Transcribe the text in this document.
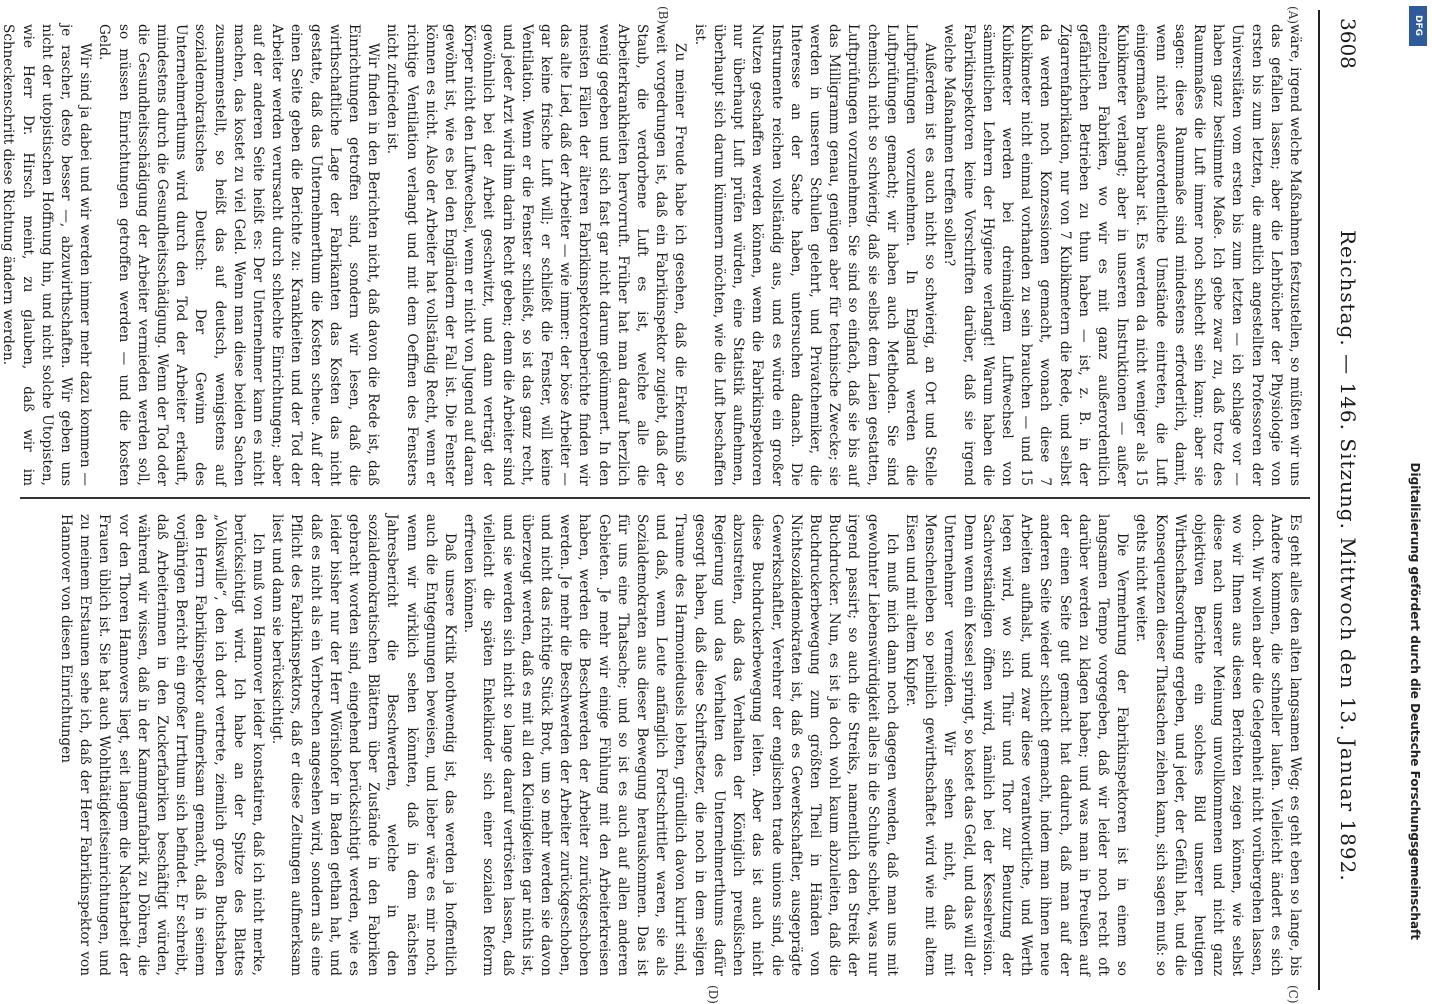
3608
Reichstag. — 146. Sitzung. Mittwoch den 13. Januar 1892.
(A)
(B)
(C)
(D)

wäre, irgend welche Maßnahmen festzustellen, so müßten wir uns das gefallen lassen; aber die Lehrbücher der Physiologie von ersten bis zum letzten, die amtlich angestellten Professoren der Universitäten vom ersten bis zum letzten — ich schlage vor — haben ganz bestimmte Maße. Ich gebe zwar zu, daß trotz des Raummaßes die Luft immer noch schlecht sein kann; aber sie sagen: diese Raummaße sind mindestens erforderlich, damit, wenn nicht außerordentliche Umstände eintreten, die Luft einigermaßen brauchbar ist. Es werden da nicht weniger als 15 Kubikmeter verlangt; aber in unseren Instruktionen — außer einzelnen Fabriken, wo wir es mit ganz außerordentlich gefährlichen Betrieben zu thun haben — ist, z. B. in der Zigarrenfabrikation, nur von 7 Kubikmetern die Rede, und selbst da werden noch Konzessionen gemacht, wonach diese 7 Kubikmeter nicht einmal vorhanden zu sein brauchen — und 15 Kubikmeter werden bei dreimaligem Luftwechsel von sämmtlichen Lehrern der Hygiene verlangt! Warum haben die Fabrikinspektoren keine Vorschriften darüber, daß sie irgend welche Maßnahmen treffen sollen?

Außerdem ist es auch nicht so schwierig, an Ort und Stelle Luftprüfungen vorzunehmen. In England werden die Luftprüfungen gemacht; wir haben auch Methoden. Sie sind chemisch nicht so schwierig, daß sie selbst dem Laien gestatten, Luftprüfungen vorzunehmen. Sie sind so einfach, daß sie bis auf das Milligramm genau, genügen aber für technische Zwecke; sie werden in unseren Schulen gelehrt, und Privatchemiker, die Interesse an der Sache haben, untersuchen danach. Die Instrumente reichen vollständig aus, und es würde ein großer Nutzen geschaffen werden können, wenn die Fabrikinspektoren nur überhaupt Luft prüfen würden, eine Statistik aufnehmen, überhaupt sich darum kümmern möchten, wie die Luft beschaffen ist.

Zu meiner Freude habe ich gesehen, daß die Erkenntniß so weit vorgedrungen ist, daß ein Fabrikinspektor zugiebt, daß der Staub, die verdorbene Luft es ist, welche alle die Arbeiterkrankheiten hervorruft. Früher hat man darauf herzlich wenig gegeben und sich fast gar nicht darum gekümmert. In den meisten Fällen der älteren Fabrikinspektorenberichte finden wir das alte Lied, daß der Arbeiter — wie immer: der böse Arbeiter — gar keine frische Luft will; er schließt die Fenster, will keine Ventilation. Wenn er die Fenster schließt, so ist das ganz recht, und jeder Arzt wird ihm darin Recht geben; denn die Arbeiter sind gewöhnlich bei der Arbeit geschwitzt, und dann verträgt der Körper nicht den Luftwechsel, wenn er nicht von Jugend auf daran gewöhnt ist, wie es bei den Engländern der Fall ist. Die Fenster können es nicht. Also der Arbeiter hat vollständig Recht, wenn er richtige Ventilation verlangt und mit dem Oeffnen des Fensters nicht zufrieden ist.

Wir finden in den Berichten nicht, daß davon die Rede ist, daß Einrichtungen getroffen sind, sondern wir lesen, daß die wirthschaftliche Lage der Fabrikanten das Kosten das nicht gestatte, daß das Unternehmerthum die Kosten scheue. Auf der einen Seite geben die Berichte zu: Krankheiten und der Tod der Arbeiter werden verursacht durch schlechte Einrichtungen; aber auf der anderen Seite heißt es: Der Unternehmer kann es nicht machen, das kostet zu viel Geld. Wenn man diese beiden Sachen zusammenstellt, so heißt das auf deutsch, wenigstens auf sozialdemokratisches Deutsch: Der Gewinn des Unternehmerthums wird durch den Tod der Arbeiter erkauft, mindestens durch die Gesundheitsschädigung. Wenn der Tod oder die Gesundheitsschädigung der Arbeiter vermieden werden soll, so müssen Einrichtungen getroffen werden — und die kosten Geld.

Wir sind ja dabei und wir werden immer mehr dazu kommen — je rascher, desto besser —, abzuwirthschaften. Wir geben uns nicht der utopistischen Hoffnung hin, und nicht solche Utopisten, wie Herr Dr. Hirsch meint, zu glauben, daß wir im Schneckenschritt diese Richtung ändern werden.

Es geht alles den alten langsamen Weg; es geht eben so lange, bis Andere kommen, die schneller laufen. Vielleicht ändert es sich doch. Wir wollen aber die Gelegenheit nicht vorübergehen lassen, wo wir Ihnen aus diesen Berichten zeigen können, wie selbst diese nach unserer Meinung unvollkommenen und nicht ganz objektiven Berichte ein solches Bild unserer heutigen Wirthschaftsordnung ergeben, und jeder, der Gefühl hat, und die Konsequenzen dieser Thatsachen ziehen kann, sich sagen muß: so gehts nicht weiter.

Die Vermehrung der Fabrikinspektoren ist in einem so langsamen Tempo vorgegeben, daß wir leider noch recht oft darüber werden zu klagen haben; und was man in Preußen auf der einen Seite gut gemacht hat dadurch, daß man auf der anderen Seite wieder schlecht gemacht, indem man ihnen neue Arbeiten aufhalst, und zwar diese verantwortliche, und Werth legen wird, wo sich Thür und Thor zur Benutzung der Sachverständigen öffnen wird, nämlich bei der Kesselrevision. Denn wenn ein Kessel springt, so kostet das Geld, und das will der Unternehmer vermeiden. Wir sehen nicht, daß mit Menschenleben so peinlich gewirthschaftet wird wie mit altem Eisen und mit altem Kupfer.

Ich muß mich dann noch dagegen wenden, daß man uns mit gewohnter Liebenswürdigkeit alles in die Schuhe schiebt, was nur irgend passirt; so auch die Streiks, namentlich den Streik der Buchdrucker. Nun, es ist ja doch wohl kaum abzuleiten, daß die Buchdruckerbewegung zum größten Theil in Händen von Nichtsozialdemokraten ist, daß es Gewerkschaftler, ausgeprägte Gewerkschaftler, Verehrer der englischen trade unions sind, die diese Buchdruckerbewegung leiten. Aber das ist auch nicht abzustreiten, daß das Verhalten der Königlich preußischen Regierung und das Verhalten des Unternehmerthums dafür gesorgt haben, daß diese Schriftsetzer, die noch in dem seligen Traume des Harmoniedusels lebten, gründlich davon kurirt sind, und daß, wenn Leute anfänglich Fortschrittler waren, sie als Sozialdemokraten aus dieser Bewegung herauskommen. Das ist für uns eine Thatsache; und so ist es auch auf allen anderen Gebieten. Je mehr wir einige Fühlung mit den Arbeiterkreisen haben, werden die Beschwerden der Arbeiter zurückgeschoben werden. Je mehr die Beschwerden der Arbeiter zurückgeschoben, und nicht das richtige Stück Brot, um so mehr werden sie davon überzeugt werden, daß es mit all den Kleinigkeiten gar nichts ist, und sie werden sich nicht so lange darauf vertrösten lassen, daß vielleicht die späten Enkelkinder sich einer sozialen Reform erfreuen können.

Daß unsere Kritik nothwendig ist, das werden ja hoffentlich auch die Entgegnungen beweisen, und lieber wäre es mir noch, wenn wir wirklich sehen könnten, daß in dem nächsten Jahresbericht die Beschwerden, welche in den sozialdemokratischen Blättern über Zustände in den Fabriken gebracht worden sind, eingehend berücksichtigt werden, wie es leider bisher nur der Herr Wörishofer in Baden gethan hat, und daß es nicht als ein Verbrechen angesehen wird, sondern als eine Pflicht des Fabrikinspektors, daß er diese Zeitungen aufmerksam liest und dann sie berücksichtigt.

Ich muß von Hannover leider konstatiren, daß ich nicht merke, berücksichtigt wird. Ich habe an der Spitze des Blattes „Volkswille“, den ich dort vertrete, ziemlich großen Buchstaben den Herrn Fabrikinspektor aufmerksam gemacht, daß in seinem vorjährigen Bericht ein großer Irrthum sich befindet. Er schreibt, daß Arbeiterinnen in den Zuckerfabriken beschäftigt würden, während wir wissen, daß in der Kammgarnfabrik zu Döhren, die vor den Thoren Hannovers liegt, seit langem die Nachtarbeit der Frauen üblich ist. Sie hat auch Wohlthätigkeitseinrichtungen, und zu meinem Erstaunen sehe ich, daß der Herr Fabrikinspektor von Hannover von diesen Einrichtungen	Digitalisierung gefördert durch die Deutsche Forschungsgemeinschaft
DFG
